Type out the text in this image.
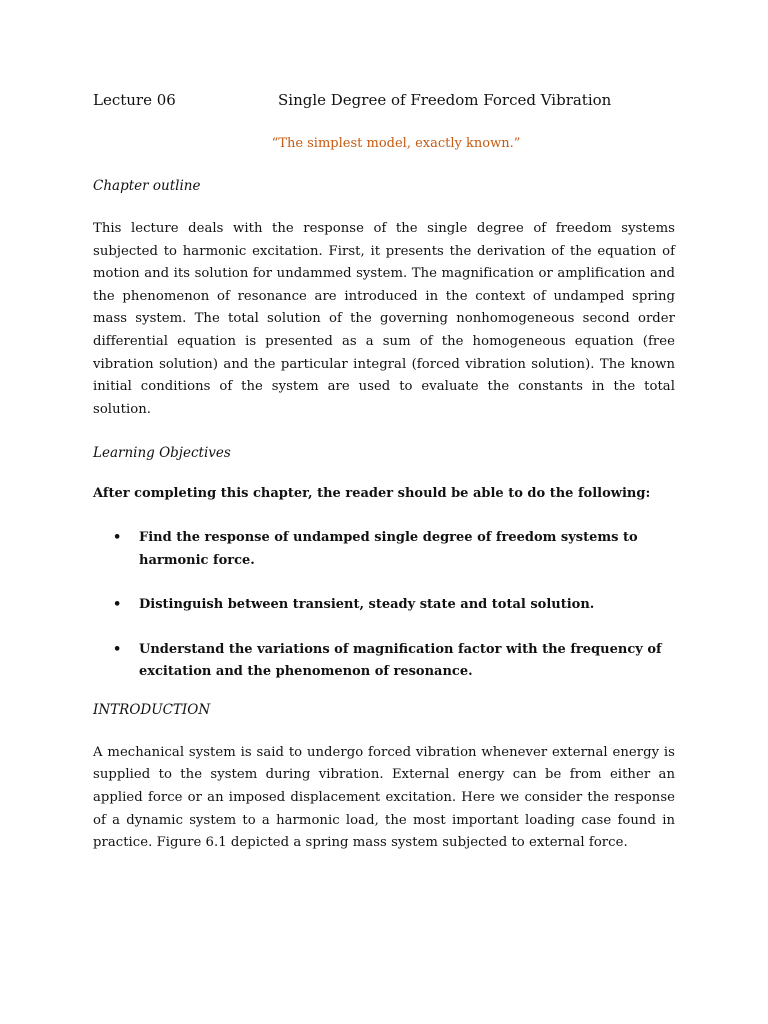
Lecture 06	Single Degree of Freedom Forced Vibration
“The simplest model, exactly known.”
Chapter outline

This lecture deals with the response of the single degree of freedom systems subjected to harmonic excitation. First, it presents the derivation of the equation of motion and its solution for undammed system. The magnification or amplification and the phenomenon of resonance are introduced in the context of undamped spring mass system. The total solution of the governing nonhomogeneous second order differential equation is presented as a sum of the homogeneous equation (free vibration solution) and the particular integral (forced vibration solution). The known initial conditions of the system are used to evaluate the constants in the total solution.

Learning Objectives
After completing this chapter, the reader should be able to do the following:
• Find the response of undamped single degree of freedom systems to harmonic force.
• Distinguish between transient, steady state and total solution.
• Understand the variations of magnification factor with the frequency of excitation and the phenomenon of resonance.
INTRODUCTION

A mechanical system is said to undergo forced vibration whenever external energy is supplied to the system during vibration. External energy can be from either an applied force or an imposed displacement excitation. Here we consider the response of a dynamic system to a harmonic load, the most important loading case found in practice. Figure 6.1 depicted a spring mass system subjected to external force.
